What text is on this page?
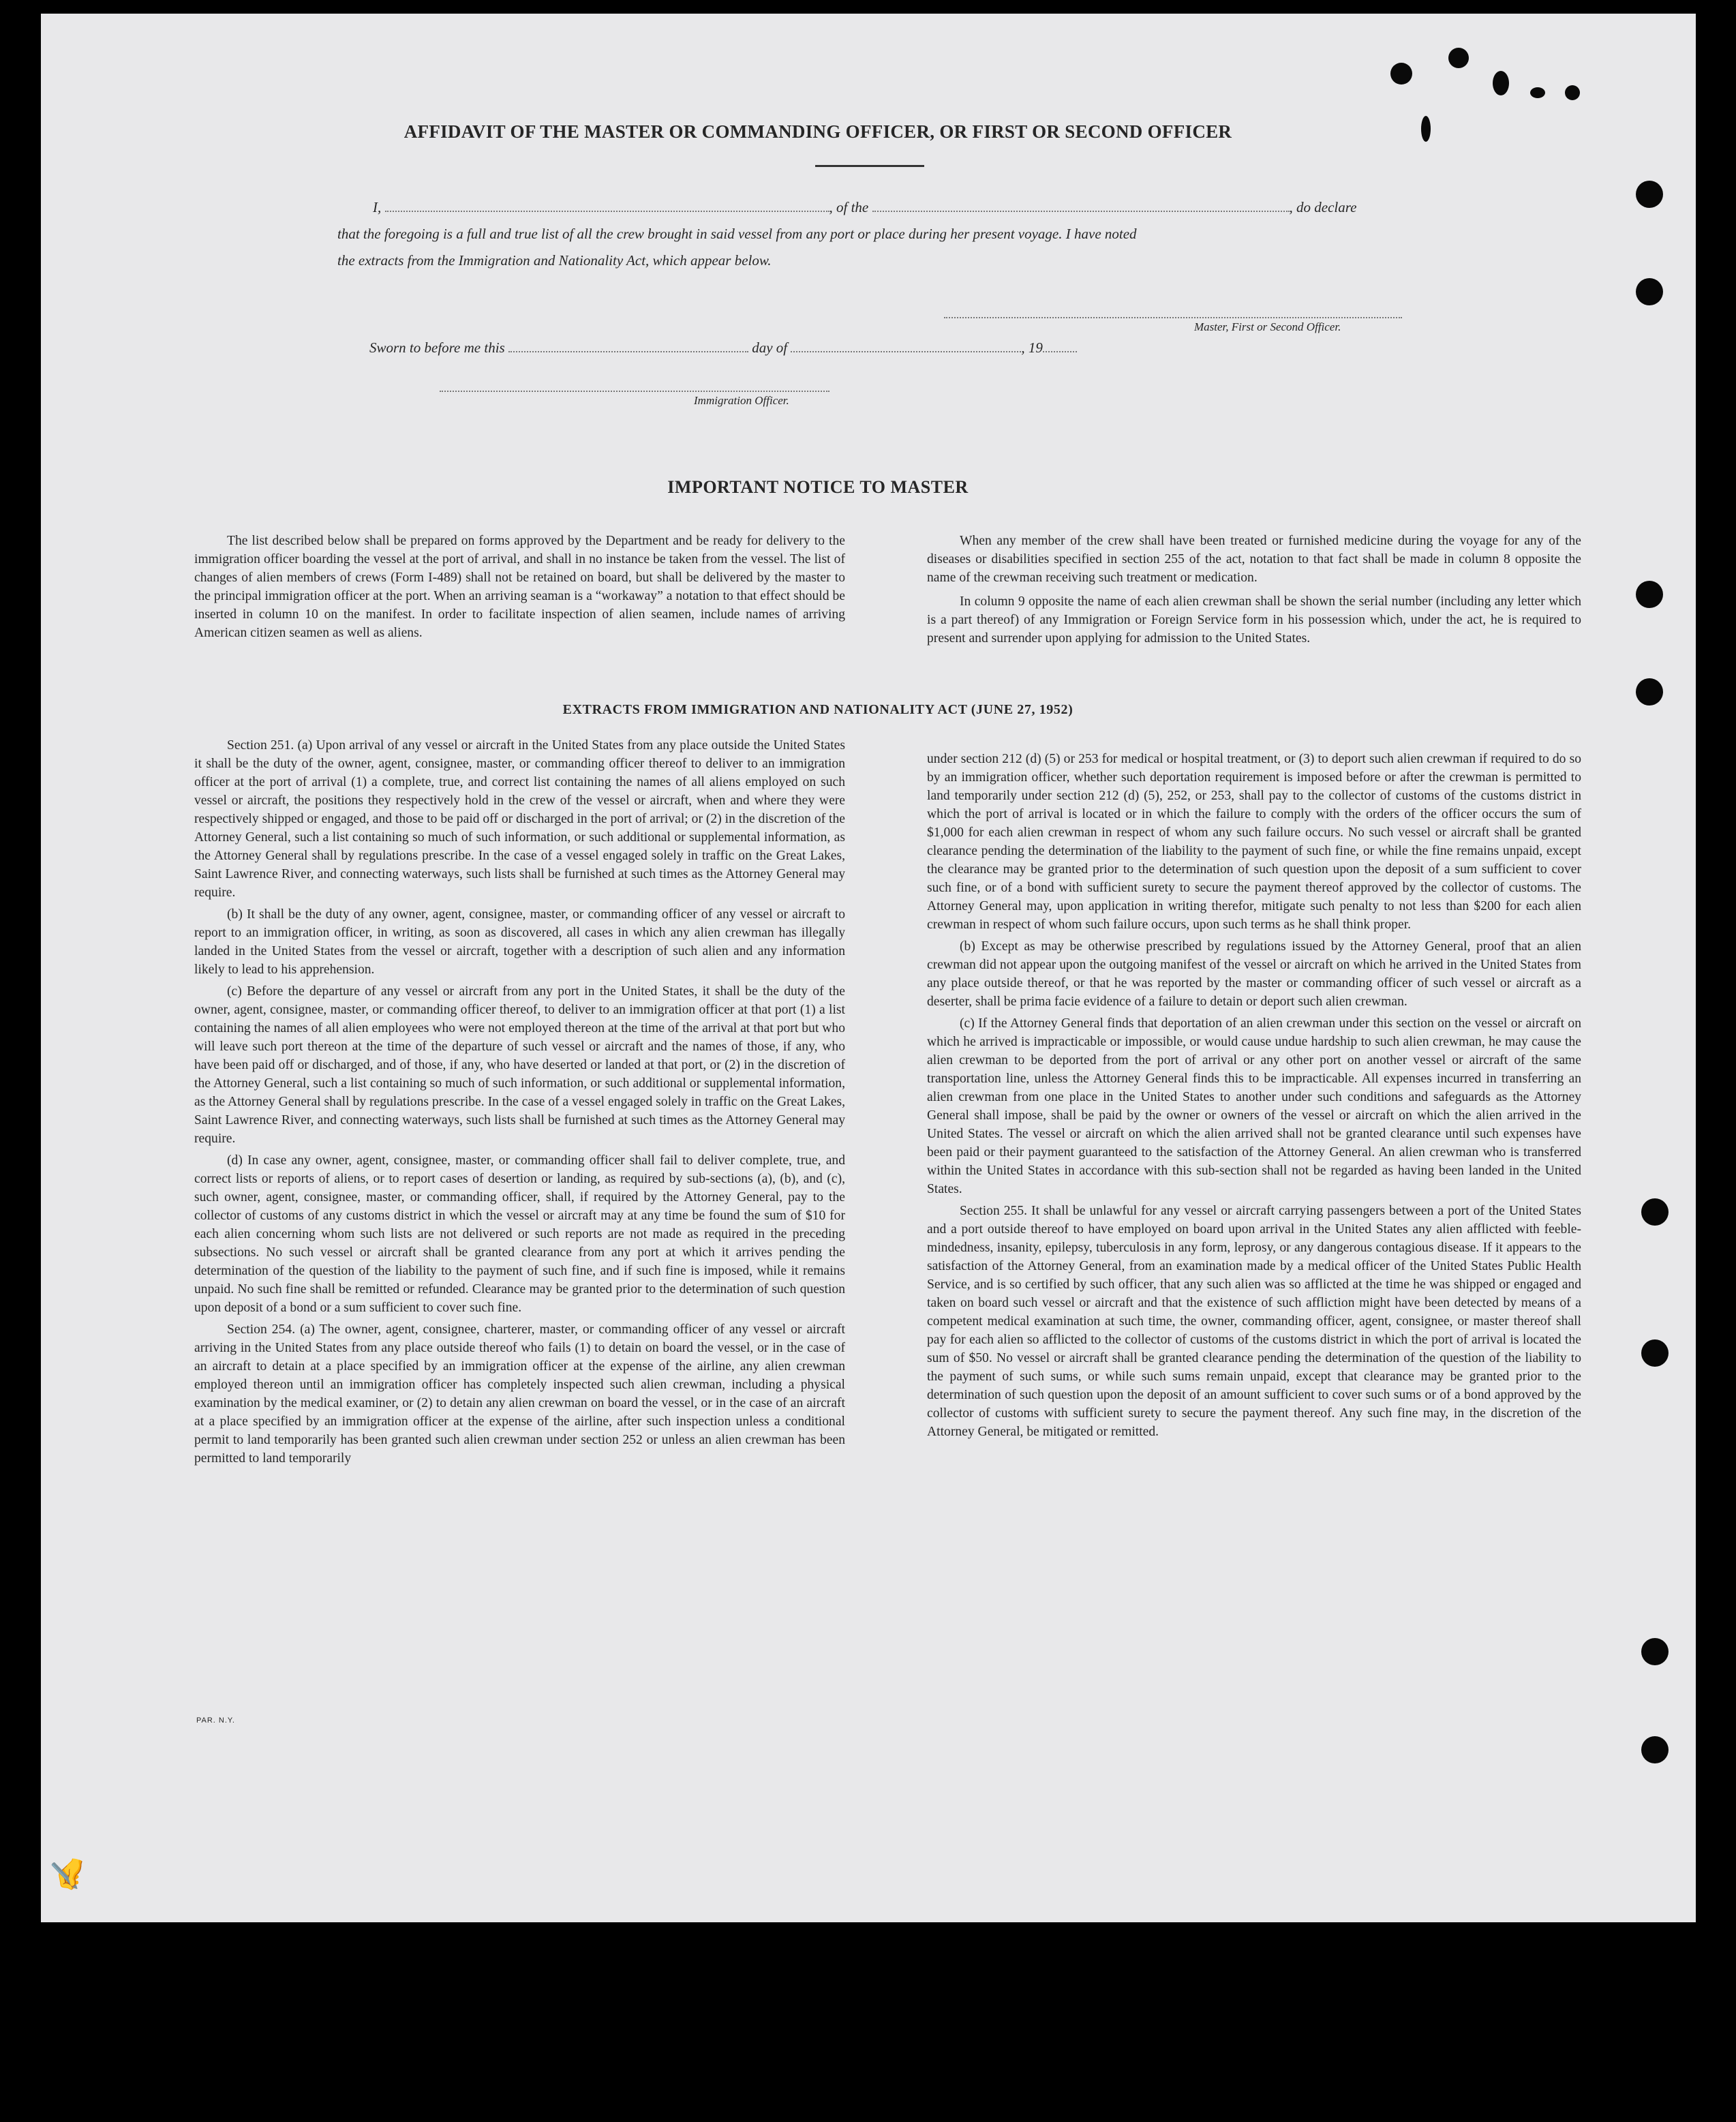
AFFIDAVIT OF THE MASTER OR COMMANDING OFFICER, OR FIRST OR SECOND OFFICER
I,	, of the	, do declare
that the foregoing is a full and true list of all the crew brought in said vessel from any port or place during her present voyage. I have noted
the extracts from the Immigration and Nationality Act, which appear below.
Master, First or Second Officer.
Sworn to before me this	day of	, 19
Immigration Officer.
IMPORTANT NOTICE TO MASTER

The list described below shall be prepared on forms approved by the Department and be ready for delivery to the immigration officer boarding the vessel at the port of arrival, and shall in no instance be taken from the vessel. The list of changes of alien members of crews (Form I-489) shall not be retained on board, but shall be delivered by the master to the principal immigration officer at the port. When an arriving seaman is a “workaway” a notation to that effect should be inserted in column 10 on the manifest. In order to facilitate inspection of alien seamen, include names of arriving American citizen seamen as well as aliens.

When any member of the crew shall have been treated or furnished medicine during the voyage for any of the diseases or disabilities specified in section 255 of the act, notation to that fact shall be made in column 8 opposite the name of the crewman receiving such treatment or medication.

In column 9 opposite the name of each alien crewman shall be shown the serial number (including any letter which is a part thereof) of any Immigration or Foreign Service form in his possession which, under the act, he is required to present and surrender upon applying for admission to the United States.

EXTRACTS FROM IMMIGRATION AND NATIONALITY ACT (JUNE 27, 1952)

Section 251. (a) Upon arrival of any vessel or aircraft in the United States from any place outside the United States it shall be the duty of the owner, agent, consignee, master, or commanding officer thereof to deliver to an immigration officer at the port of arrival (1) a complete, true, and correct list containing the names of all aliens employed on such vessel or aircraft, the positions they respectively hold in the crew of the vessel or aircraft, when and where they were respectively shipped or engaged, and those to be paid off or discharged in the port of arrival; or (2) in the discretion of the Attorney General, such a list containing so much of such information, or such additional or supplemental information, as the Attorney General shall by regulations prescribe. In the case of a vessel engaged solely in traffic on the Great Lakes, Saint Lawrence River, and connecting waterways, such lists shall be furnished at such times as the Attorney General may require.

(b) It shall be the duty of any owner, agent, consignee, master, or commanding officer of any vessel or aircraft to report to an immigration officer, in writing, as soon as discovered, all cases in which any alien crewman has illegally landed in the United States from the vessel or aircraft, together with a description of such alien and any information likely to lead to his apprehension.

(c) Before the departure of any vessel or aircraft from any port in the United States, it shall be the duty of the owner, agent, consignee, master, or commanding officer thereof, to deliver to an immigration officer at that port (1) a list containing the names of all alien employees who were not employed thereon at the time of the arrival at that port but who will leave such port thereon at the time of the departure of such vessel or aircraft and the names of those, if any, who have been paid off or discharged, and of those, if any, who have deserted or landed at that port, or (2) in the discretion of the Attorney General, such a list containing so much of such information, or such additional or supplemental information, as the Attorney General shall by regulations prescribe. In the case of a vessel engaged solely in traffic on the Great Lakes, Saint Lawrence River, and connecting waterways, such lists shall be furnished at such times as the Attorney General may require.

(d) In case any owner, agent, consignee, master, or commanding officer shall fail to deliver complete, true, and correct lists or reports of aliens, or to report cases of desertion or landing, as required by sub-sections (a), (b), and (c), such owner, agent, consignee, master, or commanding officer, shall, if required by the Attorney General, pay to the collector of customs of any customs district in which the vessel or aircraft may at any time be found the sum of $10 for each alien concerning whom such lists are not delivered or such reports are not made as required in the preceding subsections. No such vessel or aircraft shall be granted clearance from any port at which it arrives pending the determination of the question of the liability to the payment of such fine, and if such fine is imposed, while it remains unpaid. No such fine shall be remitted or refunded. Clearance may be granted prior to the determination of such question upon deposit of a bond or a sum sufficient to cover such fine.

Section 254. (a) The owner, agent, consignee, charterer, master, or commanding officer of any vessel or aircraft arriving in the United States from any place outside thereof who fails (1) to detain on board the vessel, or in the case of an aircraft to detain at a place specified by an immigration officer at the expense of the airline, any alien crewman employed thereon until an immigration officer has completely inspected such alien crewman, including a physical examination by the medical examiner, or (2) to detain any alien crewman on board the vessel, or in the case of an aircraft at a place specified by an immigration officer at the expense of the airline, after such inspection unless a conditional permit to land temporarily has been granted such alien crewman under section 252 or unless an alien crewman has been permitted to land temporarily

under section 212 (d) (5) or 253 for medical or hospital treatment, or (3) to deport such alien crewman if required to do so by an immigration officer, whether such deportation requirement is imposed before or after the crewman is permitted to land temporarily under section 212 (d) (5), 252, or 253, shall pay to the collector of customs of the customs district in which the port of arrival is located or in which the failure to comply with the orders of the officer occurs the sum of $1,000 for each alien crewman in respect of whom any such failure occurs. No such vessel or aircraft shall be granted clearance pending the determination of the liability to the payment of such fine, or while the fine remains unpaid, except the clearance may be granted prior to the determination of such question upon the deposit of a sum sufficient to cover such fine, or of a bond with sufficient surety to secure the payment thereof approved by the collector of customs. The Attorney General may, upon application in writing therefor, mitigate such penalty to not less than $200 for each alien crewman in respect of whom such failure occurs, upon such terms as he shall think proper.

(b) Except as may be otherwise prescribed by regulations issued by the Attorney General, proof that an alien crewman did not appear upon the outgoing manifest of the vessel or aircraft on which he arrived in the United States from any place outside thereof, or that he was reported by the master or commanding officer of such vessel or aircraft as a deserter, shall be prima facie evidence of a failure to detain or deport such alien crewman.

(c) If the Attorney General finds that deportation of an alien crewman under this section on the vessel or aircraft on which he arrived is impracticable or impossible, or would cause undue hardship to such alien crewman, he may cause the alien crewman to be deported from the port of arrival or any other port on another vessel or aircraft of the same transportation line, unless the Attorney General finds this to be impracticable. All expenses incurred in transferring an alien crewman from one place in the United States to another under such conditions and safeguards as the Attorney General shall impose, shall be paid by the owner or owners of the vessel or aircraft on which the alien arrived in the United States. The vessel or aircraft on which the alien arrived shall not be granted clearance until such expenses have been paid or their payment guaranteed to the satisfaction of the Attorney General. An alien crewman who is transferred within the United States in accordance with this sub-section shall not be regarded as having been landed in the United States.

Section 255. It shall be unlawful for any vessel or aircraft carrying passengers between a port of the United States and a port outside thereof to have employed on board upon arrival in the United States any alien afflicted with feeble-mindedness, insanity, epilepsy, tuberculosis in any form, leprosy, or any dangerous contagious disease. If it appears to the satisfaction of the Attorney General, from an examination made by a medical officer of the United States Public Health Service, and is so certified by such officer, that any such alien was so afflicted at the time he was shipped or engaged and taken on board such vessel or aircraft and that the existence of such affliction might have been detected by means of a competent medical examination at such time, the owner, commanding officer, agent, consignee, or master thereof shall pay for each alien so afflicted to the collector of customs of the customs district in which the port of arrival is located the sum of $50. No vessel or aircraft shall be granted clearance pending the determination of the question of the liability to the payment of such sums, or while such sums remain unpaid, except that clearance may be granted prior to the determination of such question upon the deposit of an amount sufficient to cover such sums or of a bond approved by the collector of customs with sufficient surety to secure the payment thereof. Any such fine may, in the discretion of the Attorney General, be mitigated or remitted.

PAR. N.Y.
✍
